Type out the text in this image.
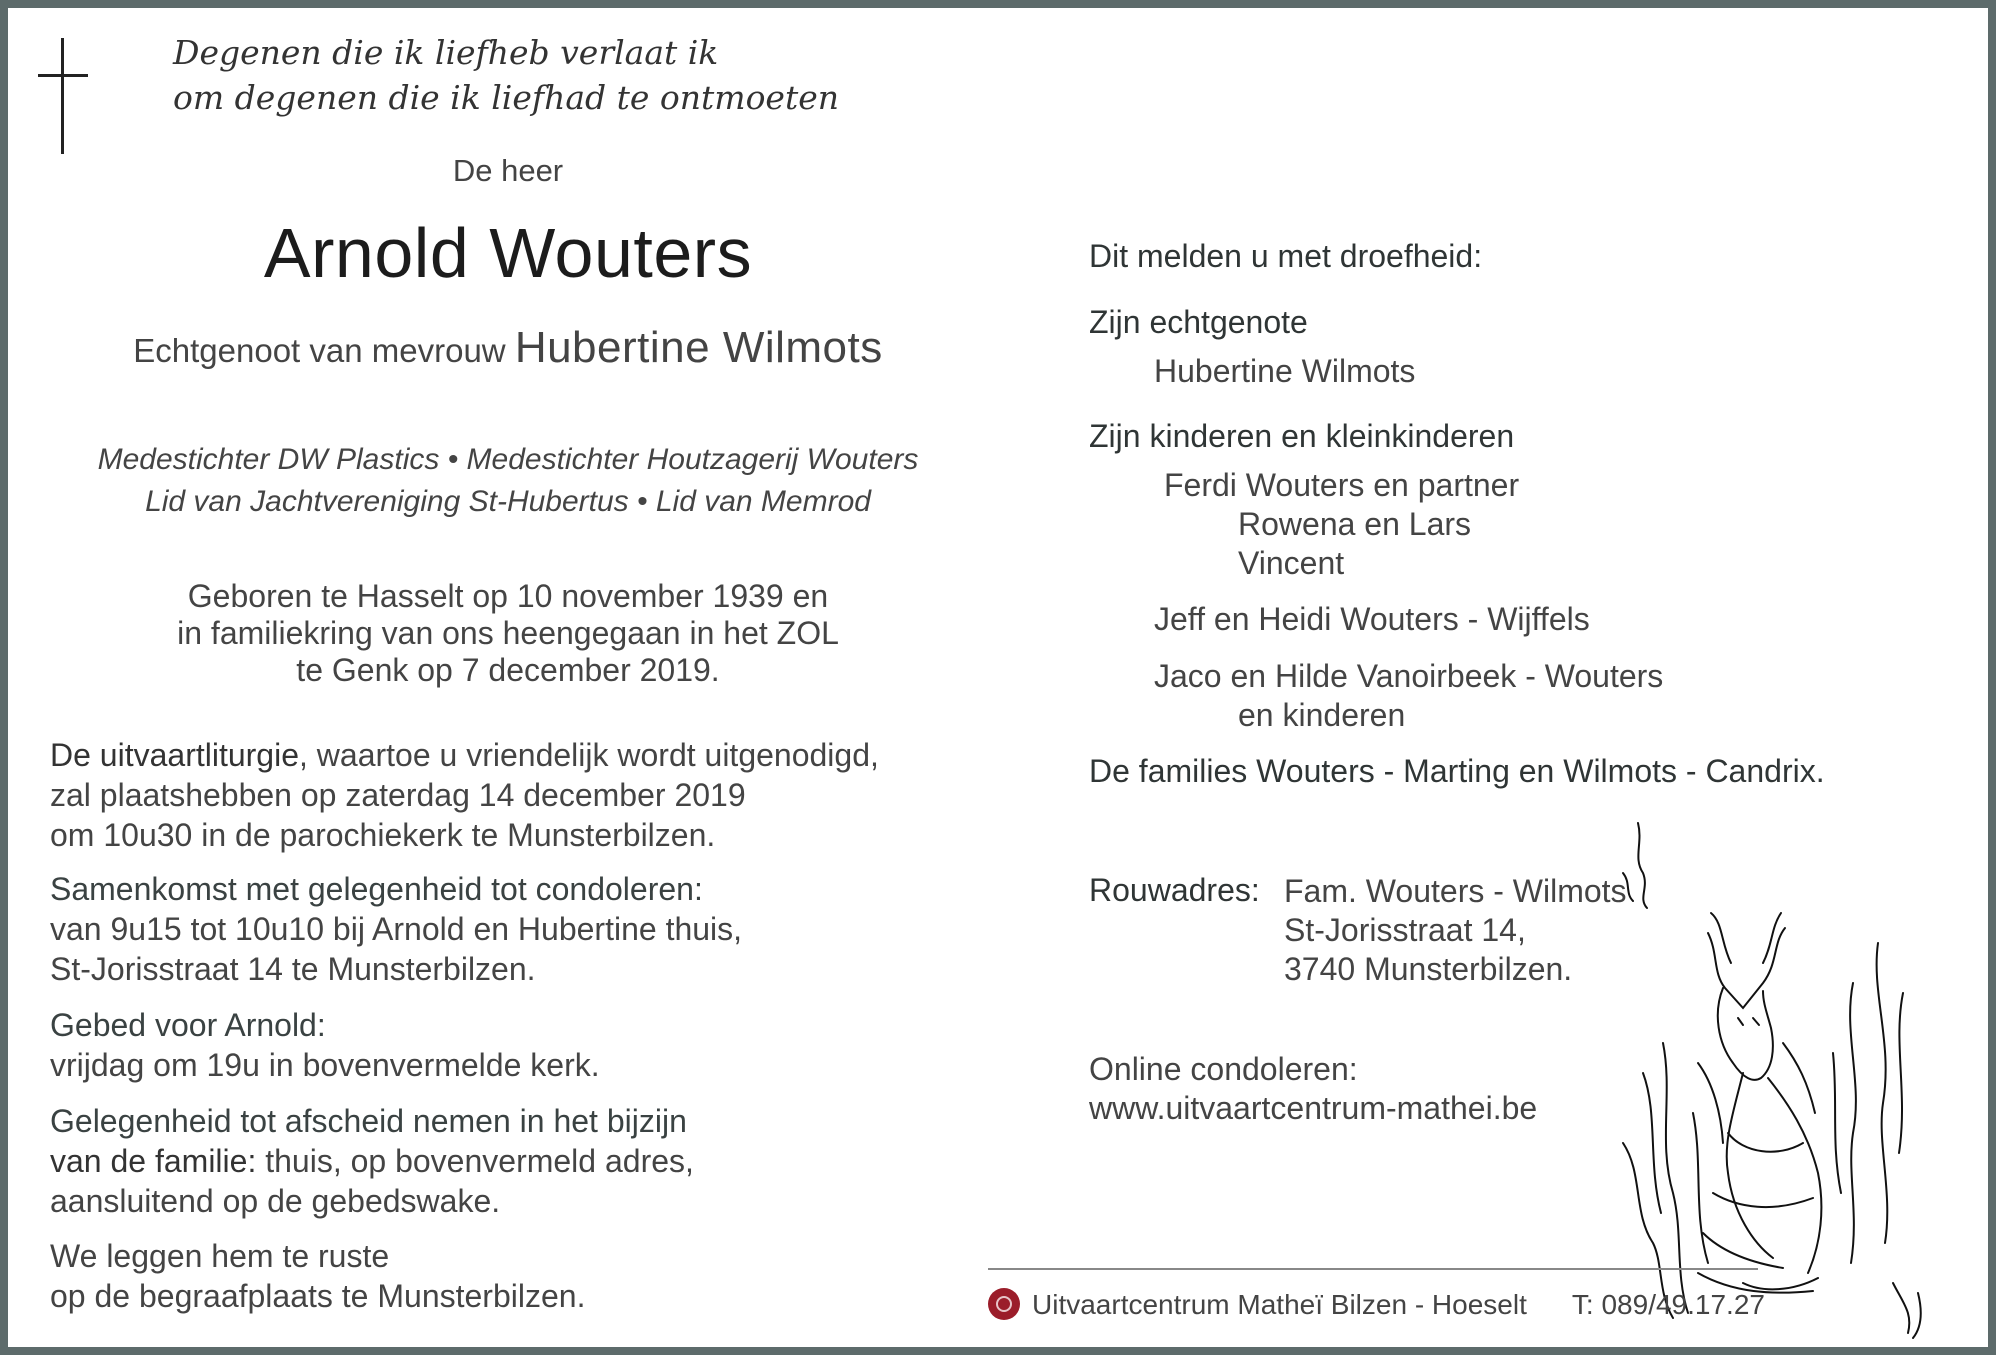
Degenen die ik liefheb verlaat ik
om degenen die ik liefhad te ontmoeten
De heer
Arnold Wouters
Echtgenoot van mevrouw Hubertine Wilmots
Medestichter DW Plastics • Medestichter Houtzagerij Wouters
Lid van Jachtvereniging St-Hubertus • Lid van Memrod
Geboren te Hasselt op 10 november 1939 en
in familiekring van ons heengegaan in het ZOL
te Genk op 7 december 2019.
De uitvaartliturgie, waartoe u vriendelijk wordt uitgenodigd,
zal plaatshebben op zaterdag 14 december 2019
om 10u30 in de parochiekerk te Munsterbilzen.
Samenkomst met gelegenheid tot condoleren:
van 9u15 tot 10u10 bij Arnold en Hubertine thuis,
St-Jorisstraat 14 te Munsterbilzen.
Gebed voor Arnold:
vrijdag om 19u in bovenvermelde kerk.
Gelegenheid tot afscheid nemen in het bijzijn
van de familie: thuis, op bovenvermeld adres,
aansluitend op de gebedswake.
We leggen hem te ruste
op de begraafplaats te Munsterbilzen.
Dit melden u met droefheid:
Zijn echtgenote
Hubertine Wilmots
Zijn kinderen en kleinkinderen
Ferdi Wouters en partner
Rowena en Lars
Vincent
Jeff en Heidi Wouters - Wijffels
Jaco en Hilde Vanoirbeek - Wouters
en kinderen
De families Wouters - Marting en Wilmots - Candrix.
Rouwadres: Fam. Wouters - Wilmots
St-Jorisstraat 14,
3740 Munsterbilzen.
Online condoleren:
www.uitvaartcentrum-mathei.be
Uitvaartcentrum Matheï Bilzen - Hoeselt T: 089/49.17.27
